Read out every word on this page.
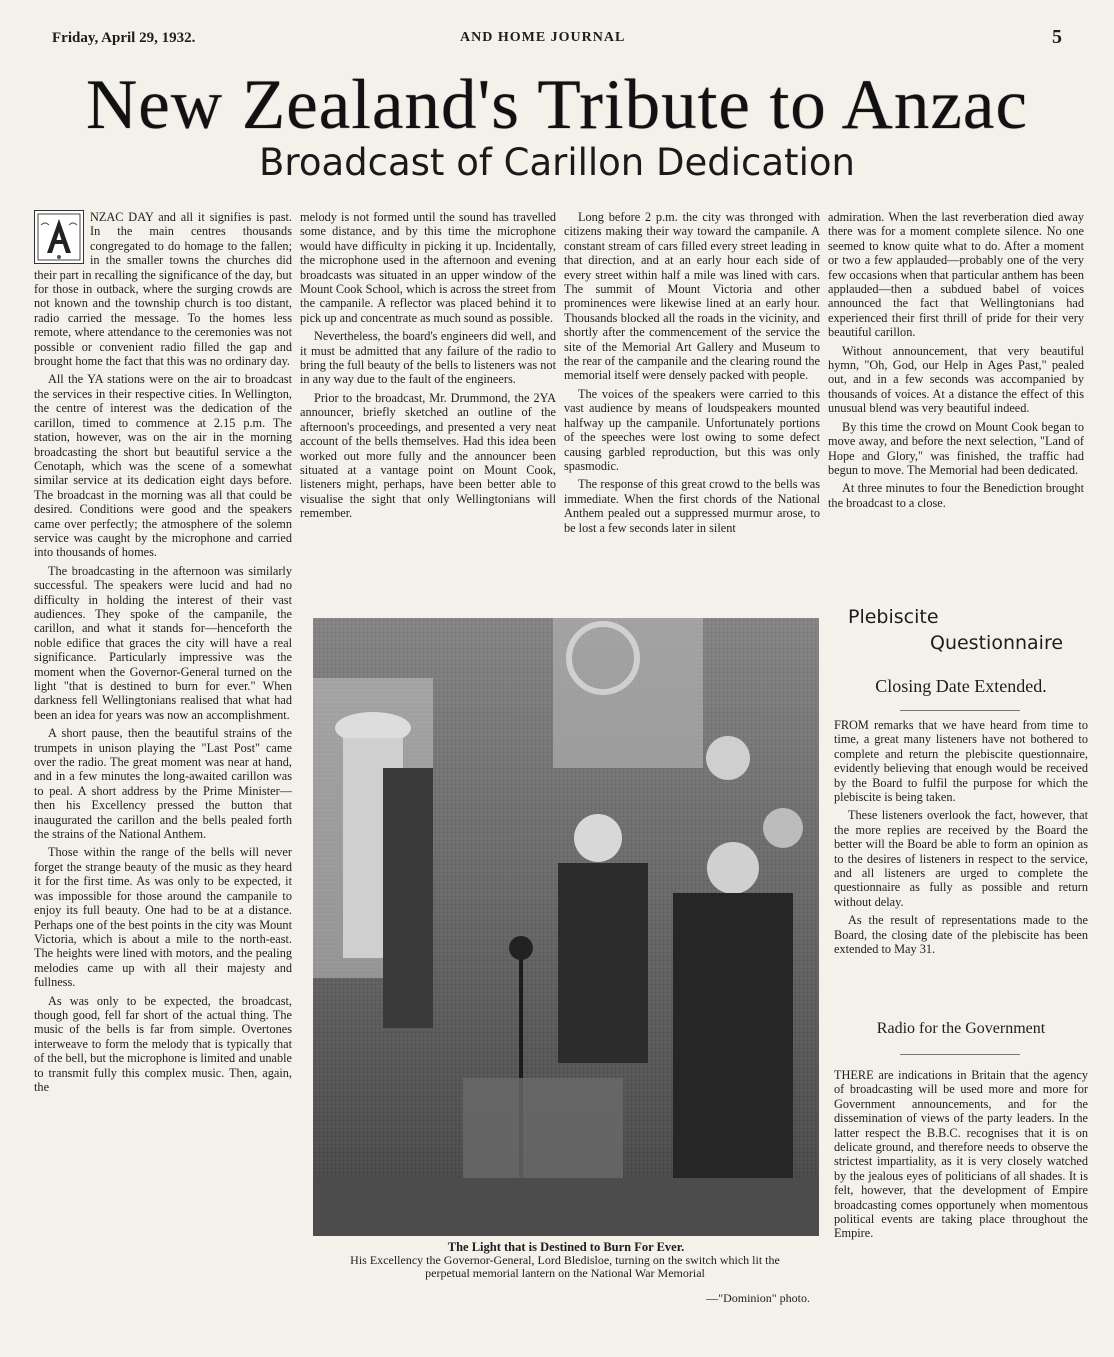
Friday, April 29, 1932.	AND HOME JOURNAL	5
New Zealand's Tribute to Anzac
Broadcast of Carillon Dedication

NZAC DAY and all it signifies is past. In the main centres thousands congregated to do homage to the fallen; in the smaller towns the churches did their part in recalling the significance of the day, but for those in outback, where the surging crowds are not known and the township church is too distant, radio carried the message. To the homes less remote, where attendance to the ceremonies was not possible or convenient radio filled the gap and brought home the fact that this was no ordinary day.

All the YA stations were on the air to broadcast the services in their respective cities. In Wellington, the centre of interest was the dedication of the carillon, timed to commence at 2.15 p.m. The station, however, was on the air in the morning broadcasting the short but beautiful service a the Cenotaph, which was the scene of a somewhat similar service at its dedication eight days before. The broadcast in the morning was all that could be desired. Conditions were good and the speakers came over perfectly; the atmosphere of the solemn service was caught by the microphone and carried into thousands of homes.

The broadcasting in the afternoon was similarly successful. The speakers were lucid and had no difficulty in holding the interest of their vast audiences. They spoke of the campanile, the carillon, and what it stands for—henceforth the noble edifice that graces the city will have a real significance. Particularly impressive was the moment when the Governor-General turned on the light "that is destined to burn for ever." When darkness fell Wellingtonians realised that what had been an idea for years was now an accomplishment.

A short pause, then the beautiful strains of the trumpets in unison playing the "Last Post" came over the radio. The great moment was near at hand, and in a few minutes the long-awaited carillon was to peal. A short address by the Prime Minister—then his Excellency pressed the button that inaugurated the carillon and the bells pealed forth the strains of the National Anthem.

Those within the range of the bells will never forget the strange beauty of the music as they heard it for the first time. As was only to be expected, it was impossible for those around the campanile to enjoy its full beauty. One had to be at a distance. Perhaps one of the best points in the city was Mount Victoria, which is about a mile to the north-east. The heights were lined with motors, and the pealing melodies came up with all their majesty and fullness.

As was only to be expected, the broadcast, though good, fell far short of the actual thing. The music of the bells is far from simple. Overtones interweave to form the melody that is typically that of the bell, but the microphone is limited and unable to transmit fully this complex music. Then, again, the

melody is not formed until the sound has travelled some distance, and by this time the microphone would have difficulty in picking it up. Incidentally, the microphone used in the afternoon and evening broadcasts was situated in an upper window of the Mount Cook School, which is across the street from the campanile. A reflector was placed behind it to pick up and concentrate as much sound as possible.

Nevertheless, the board's engineers did well, and it must be admitted that any failure of the radio to bring the full beauty of the bells to listeners was not in any way due to the fault of the engineers.

Prior to the broadcast, Mr. Drummond, the 2YA announcer, briefly sketched an outline of the afternoon's proceedings, and presented a very neat account of the bells themselves. Had this idea been worked out more fully and the announcer been situated at a vantage point on Mount Cook, listeners might, perhaps, have been better able to visualise the sight that only Wellingtonians will remember.

Long before 2 p.m. the city was thronged with citizens making their way toward the campanile. A constant stream of cars filled every street leading in that direction, and at an early hour each side of every street within half a mile was lined with cars. The summit of Mount Victoria and other prominences were likewise lined at an early hour. Thousands blocked all the roads in the vicinity, and shortly after the commencement of the service the site of the Memorial Art Gallery and Museum to the rear of the campanile and the clearing round the memorial itself were densely packed with people.

The voices of the speakers were carried to this vast audience by means of loudspeakers mounted halfway up the campanile. Unfortunately portions of the speeches were lost owing to some defect causing garbled reproduction, but this was only spasmodic.

The response of this great crowd to the bells was immediate. When the first chords of the National Anthem pealed out a suppressed murmur arose, to be lost a few seconds later in silent

admiration. When the last reverberation died away there was for a moment complete silence. No one seemed to know quite what to do. After a moment or two a few applauded—probably one of the very few occasions when that particular anthem has been applauded—then a subdued babel of voices announced the fact that Wellingtonians had experienced their first thrill of pride for their very beautiful carillon.

Without announcement, that very beautiful hymn, "Oh, God, our Help in Ages Past," pealed out, and in a few seconds was accompanied by thousands of voices. At a distance the effect of this unusual blend was very beautiful indeed.

By this time the crowd on Mount Cook began to move away, and before the next selection, "Land of Hope and Glory," was finished, the traffic had begun to move. The Memorial had been dedicated.

At three minutes to four the Benediction brought the broadcast to a close.

The Light that is Destined to Burn For Ever.
His Excellency the Governor-General, Lord Bledisloe, turning on the switch which lit the perpetual memorial lantern on the National War Memorial
—"Dominion" photo.
Plebiscite
Questionnaire
Closing Date Extended.

FROM remarks that we have heard from time to time, a great many listeners have not bothered to complete and return the plebiscite questionnaire, evidently believing that enough would be received by the Board to fulfil the purpose for which the plebiscite is being taken.

These listeners overlook the fact, however, that the more replies are received by the Board the better will the Board be able to form an opinion as to the desires of listeners in respect to the service, and all listeners are urged to complete the questionnaire as fully as possible and return without delay.

As the result of representations made to the Board, the closing date of the plebiscite has been extended to May 31.

Radio for the Government

THERE are indications in Britain that the agency of broadcasting will be used more and more for Government announcements, and for the dissemination of views of the party leaders. In the latter respect the B.B.C. recognises that it is on delicate ground, and therefore needs to observe the strictest impartiality, as it is very closely watched by the jealous eyes of politicians of all shades. It is felt, however, that the development of Empire broadcasting comes opportunely when momentous political events are taking place throughout the Empire.
